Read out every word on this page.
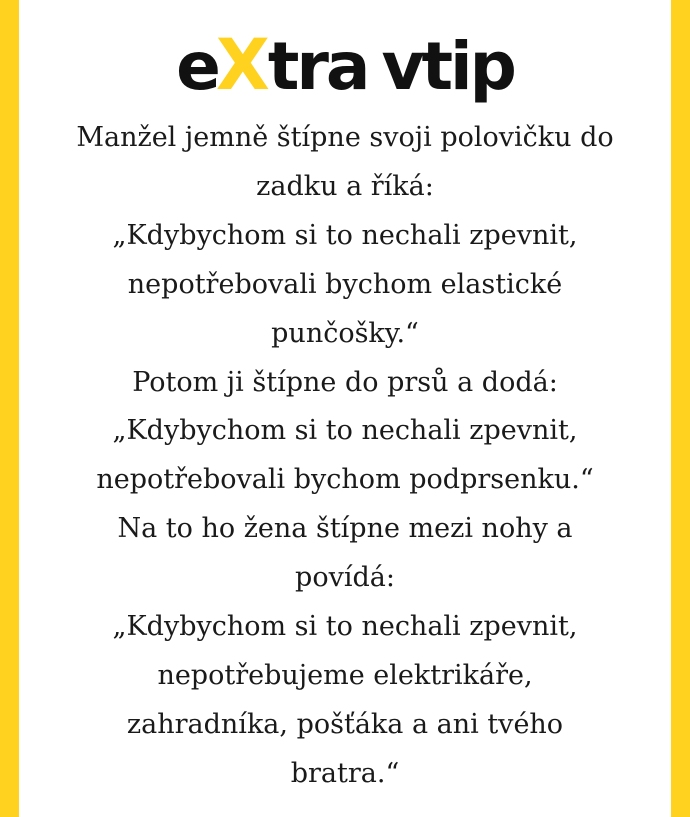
eXtra vtip

Manžel jemně štípne svoji polovičku do
zadku a říká:
„Kdybychom si to nechali zpevnit,
nepotřebovali bychom elastické
punčošky.“
Potom ji štípne do prsů a dodá:
„Kdybychom si to nechali zpevnit,
nepotřebovali bychom podprsenku.“
Na to ho žena štípne mezi nohy a
povídá:
„Kdybychom si to nechali zpevnit,
nepotřebujeme elektrikáře,
zahradníka, pošťáka a ani tvého
bratra.“
